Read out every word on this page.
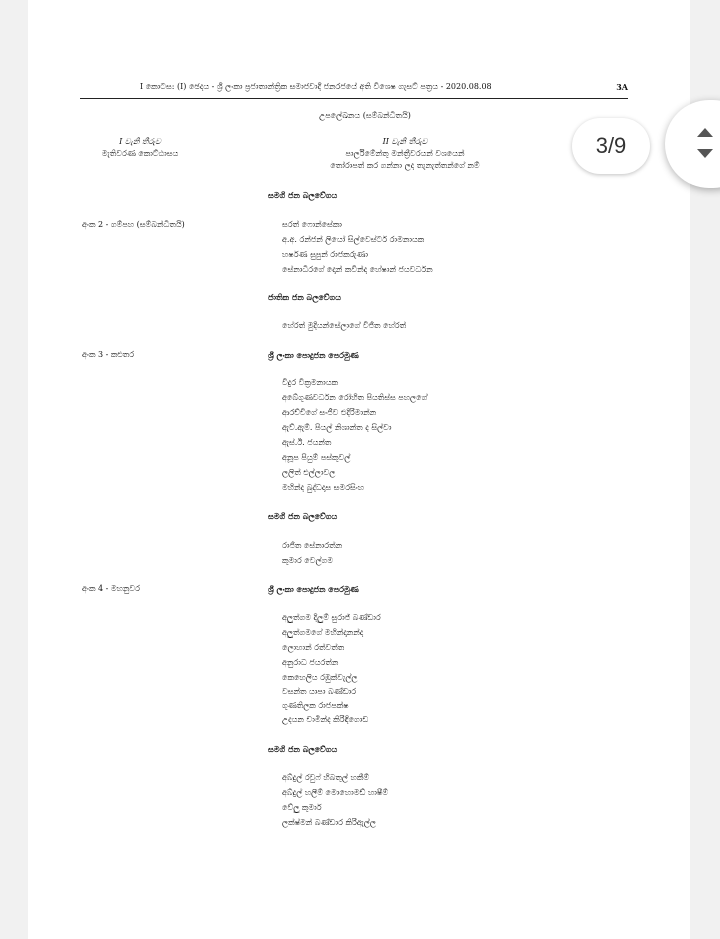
I කොටස: (I) ඡෙදය - ශ්‍රී ලංකා ප්‍රජාතාන්ත්‍රික සමාජවාදී ජනරජයේ අති විශෙෂ ගැසට් පත්‍රය - 2020.08.08	3A
උපලේඛනය (සම්බන්ධිතයි)
I වැනි තීරුව
මැතිවරණ කොට්ඨාසය
II වැනි තීරුව
පාර්ලිමේන්තු මන්ත්‍රීවරයන් වශයෙන්
තෝරාපත් කර ගන්නා ලද තැනැත්තන්ගේ නම්
සමගි ජන බලවේගය
අංක 2 - ගම්පහ (සම්බන්ධිතයි)	සරත් ෆොන්සේකා
අ.අ. රන්ජන් ලියෝ සිල්වෙස්ටර් රාමනායක
හර්ෂණ සුපුන් රාජකරුණා
සේනාධීරගේ දොන් කවින්ද හේෂාන් ජයවර්ධන
ජාතික ජන බලවේගය
හේරත් මුදියන්සේලාගේ විජිත හේරත්
අංක 3 - කළුතර	ශ්‍රී ලංකා පොදුජන පෙරමුණ
විදුර වික්‍රමනායක
අබේගුණවර්ධන රෝහිත පියතිස්ස පහලගේ
ආරච්චිගේ සංජීව එදිරිමාන්න
ඇව්.ඇම්. පියල් නිශාන්ත ද සිල්වා
ඇස්.ඊ. ජයන්ත
අනූප පියුම් පස්කුවල්
ලලිත් එල්ලාවල
මහින්ද බුද්ධදාස සමරසිංහ
සමගි ජන බලවේගය
රාජිත සේනාරත්න
කුමාර වෙල්ගම
අංක 4 - මහනුවර	ශ්‍රී ලංකා පොදුජන පෙරමුණ
අලුත්ගම දිලුම් සුරාජ් බණ්ඩාර
අලුත්ගමගේ මහින්දානන්ද
ලොහාන් රත්වත්ත
අනුරාධ ජයරත්න
කෙහෙලිය රඹුක්වැල්ල
වසන්ත යාපා බණ්ඩාර
ගුණතිලක රාජපක්ෂ
උදයන චාමින්ද කිරිඳිගොඩ
සමගි ජන බලවේගය
අබ්දුල් රවුෆ් හිබතුල් හකීම්
අබ්දුල් හලීම් මොහොමඩ් හාෂීම්
වේලු කුමාර්
ලක්ෂ්මන් බණ්ඩාර කිරිඇල්ල
3/9
